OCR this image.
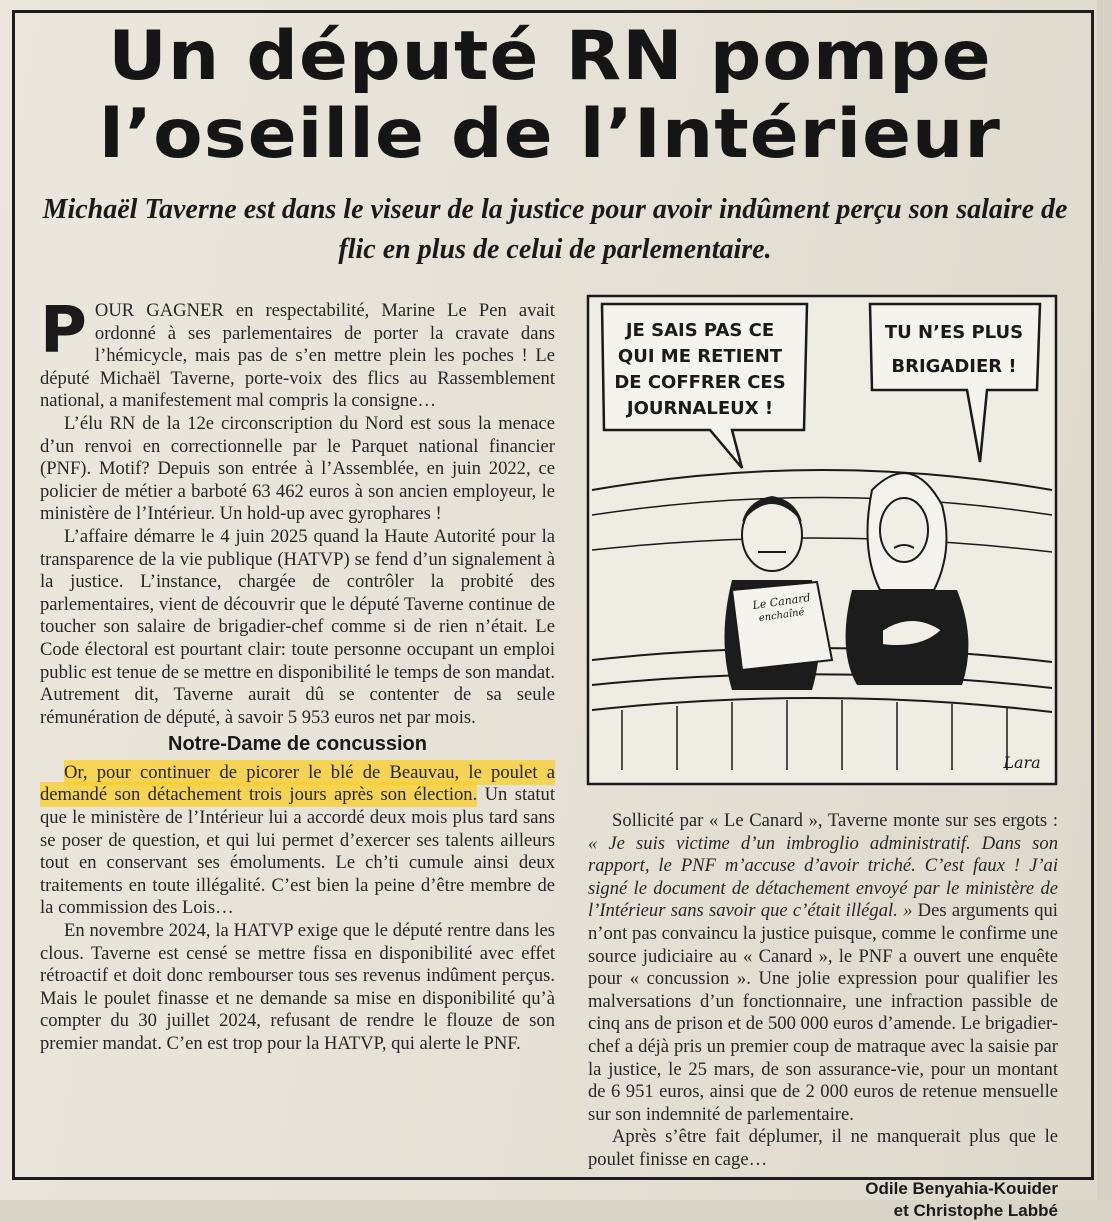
Un député RN pompe
l’oseille de l’Intérieur
Michaël Taverne est dans le viseur de la justice pour avoir indûment perçu son salaire de flic en plus de celui de parlementaire.

POUR GAGNER en respectabilité, Marine Le Pen avait ordonné à ses parlementaires de porter la cravate dans l’hémicycle, mais pas de s’en mettre plein les poches ! Le député Michaël Taverne, porte-voix des flics au Rassemblement national, a manifestement mal compris la consigne…

L’élu RN de la 12e circonscription du Nord est sous la menace d’un renvoi en correctionnelle par le Parquet national financier (PNF). Motif? Depuis son entrée à l’Assemblée, en juin 2022, ce policier de métier a barboté 63 462 euros à son ancien employeur, le ministère de l’Intérieur. Un hold-up avec gyrophares !

L’affaire démarre le 4 juin 2025 quand la Haute Autorité pour la transparence de la vie publique (HATVP) se fend d’un signalement à la justice. L’instance, chargée de contrôler la probité des parlementaires, vient de découvrir que le député Taverne continue de toucher son salaire de brigadier-chef comme si de rien n’était. Le Code électoral est pourtant clair: toute personne occupant un emploi public est tenue de se mettre en disponibilité le temps de son mandat. Autrement dit, Taverne aurait dû se contenter de sa seule rémunération de député, à savoir 5 953 euros net par mois.

Notre-Dame de concussion

Or, pour continuer de picorer le blé de Beauvau, le poulet a demandé son détachement trois jours après son élection. Un statut que le ministère de l’Intérieur lui a accordé deux mois plus tard sans se poser de question, et qui lui permet d’exercer ses talents ailleurs tout en conservant ses émoluments. Le ch’ti cumule ainsi deux traitements en toute illégalité. C’est bien la peine d’être membre de la commission des Lois…

En novembre 2024, la HATVP exige que le député rentre dans les clous. Taverne est censé se mettre fissa en disponibilité avec effet rétroactif et doit donc rembourser tous ses revenus indûment perçus. Mais le poulet finasse et ne demande sa mise en disponibilité qu’à compter du 30 juillet 2024, refusant de rendre le flouze de son premier mandat. C’en est trop pour la HATVP, qui alerte le PNF.

JE SAIS PAS CE
QUI ME RETIENT
DE COFFRER CES
JOURNALEUX !
TU N’ES PLUS
BRIGADIER !
Le Canard
enchaîné
Lara

Sollicité par « Le Canard », Taverne monte sur ses ergots : « Je suis victime d’un imbroglio administratif. Dans son rapport, le PNF m’accuse d’avoir triché. C’est faux ! J’ai signé le document de détachement envoyé par le ministère de l’Intérieur sans savoir que c’était illégal. » Des arguments qui n’ont pas convaincu la justice puisque, comme le confirme une source judiciaire au « Canard », le PNF a ouvert une enquête pour « concussion ». Une jolie expression pour qualifier les malversations d’un fonctionnaire, une infraction passible de cinq ans de prison et de 500 000 euros d’amende. Le brigadier-chef a déjà pris un premier coup de matraque avec la saisie par la justice, le 25 mars, de son assurance-vie, pour un montant de 6 951 euros, ainsi que de 2 000 euros de retenue mensuelle sur son indemnité de parlementaire.

Après s’être fait déplumer, il ne manquerait plus que le poulet finisse en cage…

Odile Benyahia-Kouider
et Christophe Labbé
